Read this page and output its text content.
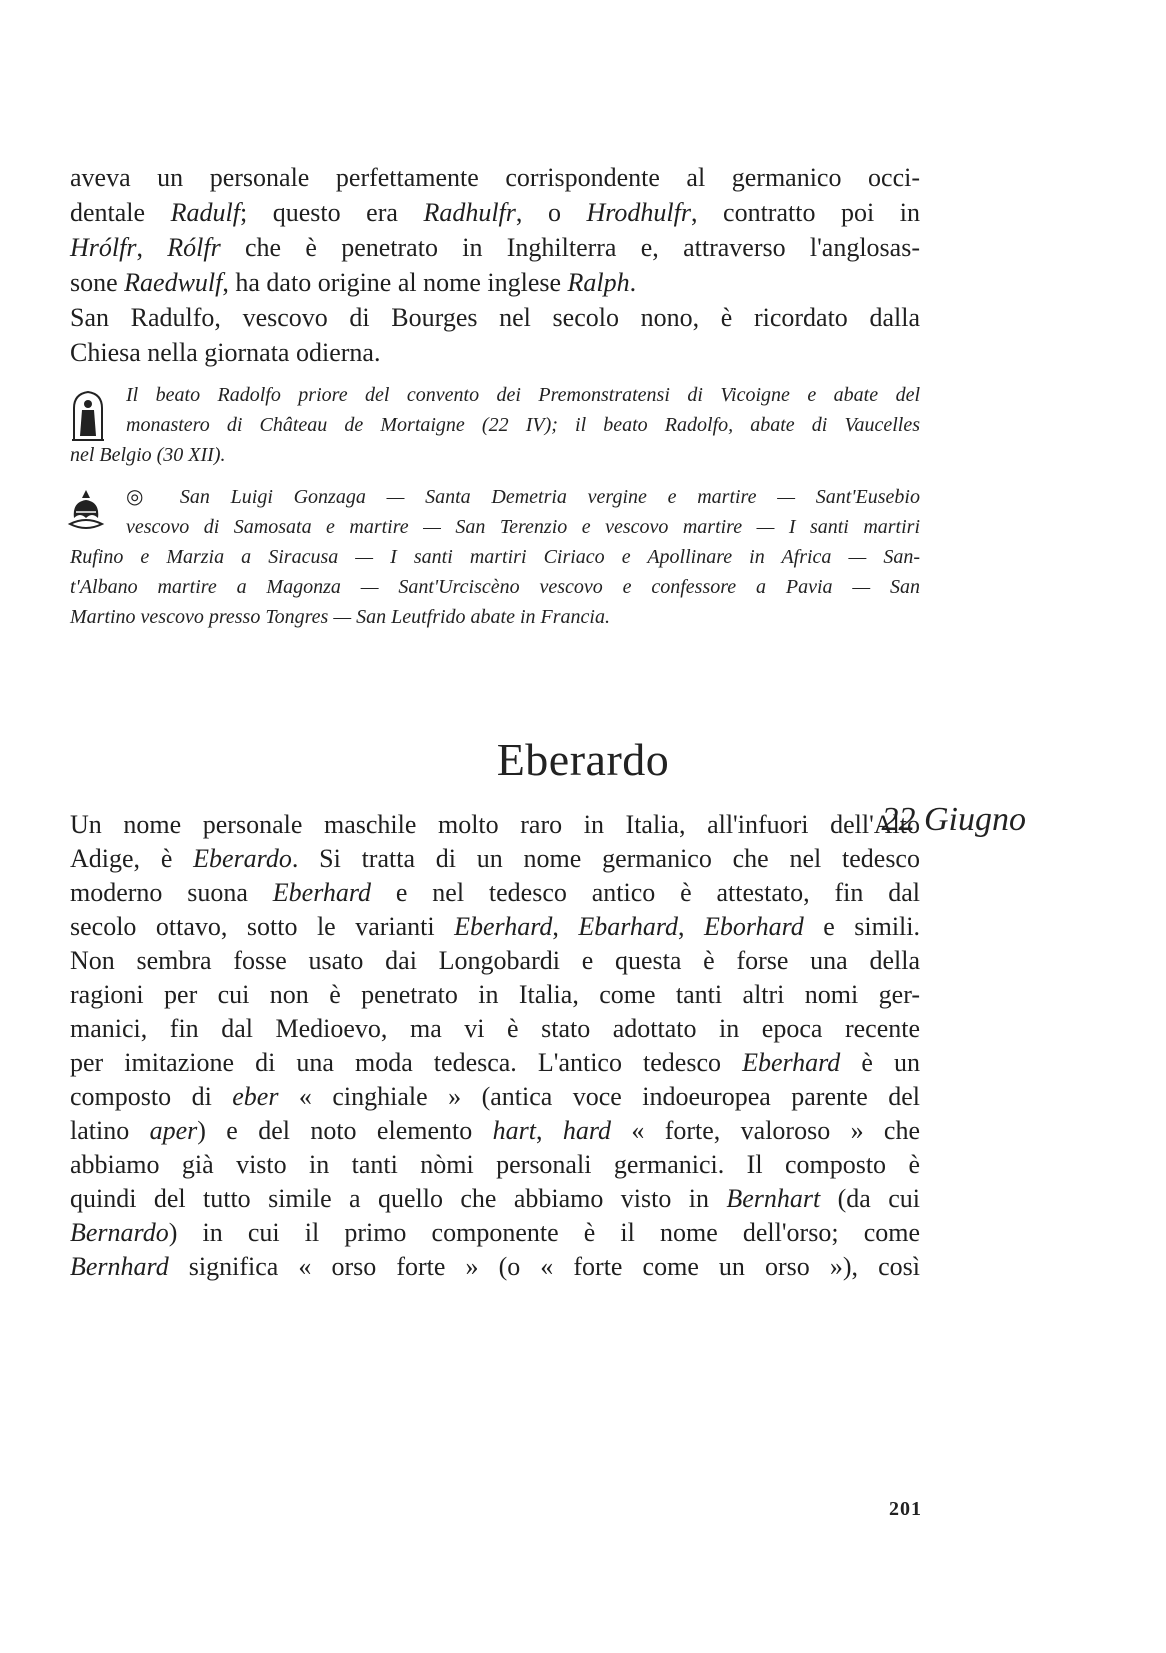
aveva un personale perfettamente corrispondente al germanico occi-
dentale Radulf; questo era Radhulfr, o Hrodhulfr, contratto poi in
Hrólfr, Rólfr che è penetrato in Inghilterra e, attraverso l'anglosas-
sone Raedwulf, ha dato origine al nome inglese Ralph.
San Radulfo, vescovo di Bourges nel secolo nono, è ricordato dalla
Chiesa nella giornata odierna.
Il beato Radolfo priore del convento dei Premonstratensi di Vicoigne e abate del
monastero di Château de Mortaigne (22 IV); il beato Radolfo, abate di Vaucelles
nel Belgio (30 XII).
◎ San Luigi Gonzaga — Santa Demetria vergine e martire — Sant'Eusebio
vescovo di Samosata e martire — San Terenzio e vescovo martire — I santi martiri
Rufino e Marzia a Siracusa — I santi martiri Ciriaco e Apollinare in Africa — San-
t'Albano martire a Magonza — Sant'Urciscèno vescovo e confessore a Pavia — San
Martino vescovo presso Tongres — San Leutfrido abate in Francia.
Eberardo
22 Giugno
Un nome personale maschile molto raro in Italia, all'infuori dell'Alto
Adige, è Eberardo. Si tratta di un nome germanico che nel tedesco
moderno suona Eberhard e nel tedesco antico è attestato, fin dal
secolo ottavo, sotto le varianti Eberhard, Ebarhard, Eborhard e simili.
Non sembra fosse usato dai Longobardi e questa è forse una della
ragioni per cui non è penetrato in Italia, come tanti altri nomi ger-
manici, fin dal Medioevo, ma vi è stato adottato in epoca recente
per imitazione di una moda tedesca. L'antico tedesco Eberhard è un
composto di eber « cinghiale » (antica voce indoeuropea parente del
latino aper) e del noto elemento hart, hard « forte, valoroso » che
abbiamo già visto in tanti nòmi personali germanici. Il composto è
quindi del tutto simile a quello che abbiamo visto in Bernhart (da cui
Bernardo) in cui il primo componente è il nome dell'orso; come
Bernhard significa « orso forte » (o « forte come un orso »), così
201
